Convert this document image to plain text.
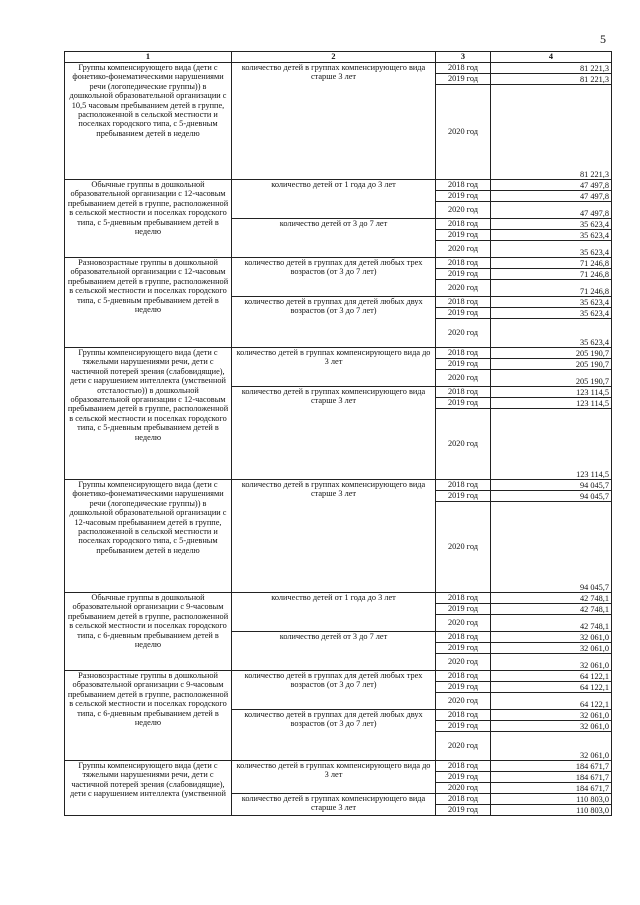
5
1	2	3	4
Группы компенсирующего вида (дети с фонетико-фонематическими нарушениями речи (логопедические группы)) в дошкольной образовательной организации с 10,5 часовым пребыванием детей в группе, расположенной в сельской местности и поселках городского типа, с 5-дневным пребыванием детей в неделю	количество детей в группах компенсирующего вида старше 3 лет	2018 год	81 221,3
		2019 год	81 221,3
		2020 год	81 221,3
Обычные группы в дошкольной образовательной организации с 12-часовым пребыванием детей в группе, расположенной в сельской местности и поселках городского типа, с 5-дневным пребыванием детей в неделю	количество детей от 1 года до 3 лет	2018 год	47 497,8
		2019 год	47 497,8
		2020 год	47 497,8
	количество детей от 3 до 7 лет	2018 год	35 623,4
		2019 год	35 623,4
		2020 год	35 623,4
Разновозрастные группы в дошкольной образовательной организации с 12-часовым пребыванием детей в группе, расположенной в сельской местности и поселках городского типа, с 5-дневным пребыванием детей в неделю	количество детей в группах для детей любых трех возрастов (от 3 до 7 лет)	2018 год	71 246,8
		2019 год	71 246,8
		2020 год	71 246,8
	количество детей в группах для детей любых двух возрастов (от 3 до 7 лет)	2018 год	35 623,4
		2019 год	35 623,4
		2020 год	35 623,4
Группы компенсирующего вида (дети с тяжелыми нарушениями речи, дети с частичной потерей зрения (слабовидящие), дети с нарушением интеллекта (умственной отсталостью)) в дошкольной образовательной организации с 12-часовым пребыванием детей в группе, расположенной в сельской местности и поселках городского типа, с 5-дневным пребыванием детей в неделю	количество детей в группах компенсирующего вида до 3 лет	2018 год	205 190,7
		2019 год	205 190,7
		2020 год	205 190,7
	количество детей в группах компенсирующего вида старше 3 лет	2018 год	123 114,5
		2019 год	123 114,5
		2020 год	123 114,5
Группы компенсирующего вида (дети с фонетико-фонематическими нарушениями речи (логопедические группы)) в дошкольной образовательной организации с 12-часовым пребыванием детей в группе, расположенной в сельской местности и поселках городского типа, с 5-дневным пребыванием детей в неделю	количество детей в группах компенсирующего вида старше 3 лет	2018 год	94 045,7
		2019 год	94 045,7
		2020 год	94 045,7
Обычные группы в дошкольной образовательной организации с 9-часовым пребыванием детей в группе, расположенной в сельской местности и поселках городского типа, с 6-дневным пребыванием детей в неделю	количество детей от 1 года до 3 лет	2018 год	42 748,1
		2019 год	42 748,1
		2020 год	42 748,1
	количество детей от 3 до 7 лет	2018 год	32 061,0
		2019 год	32 061,0
		2020 год	32 061,0
Разновозрастные группы в дошкольной образовательной организации с 9-часовым пребыванием детей в группе, расположенной в сельской местности и поселках городского типа, с 6-дневным пребыванием детей в неделю	количество детей в группах для детей любых трех возрастов (от 3 до 7 лет)	2018 год	64 122,1
		2019 год	64 122,1
		2020 год	64 122,1
	количество детей в группах для детей любых двух возрастов (от 3 до 7 лет)	2018 год	32 061,0
		2019 год	32 061,0
		2020 год	32 061,0
Группы компенсирующего вида (дети с тяжелыми нарушениями речи, дети с частичной потерей зрения (слабовидящие), дети с нарушением интеллекта (умственной	количество детей в группах компенсирующего вида до 3 лет	2018 год	184 671,7
		2019 год	184 671,7
		2020 год	184 671,7
	количество детей в группах компенсирующего вида старше 3 лет	2018 год	110 803,0
		2019 год	110 803,0
